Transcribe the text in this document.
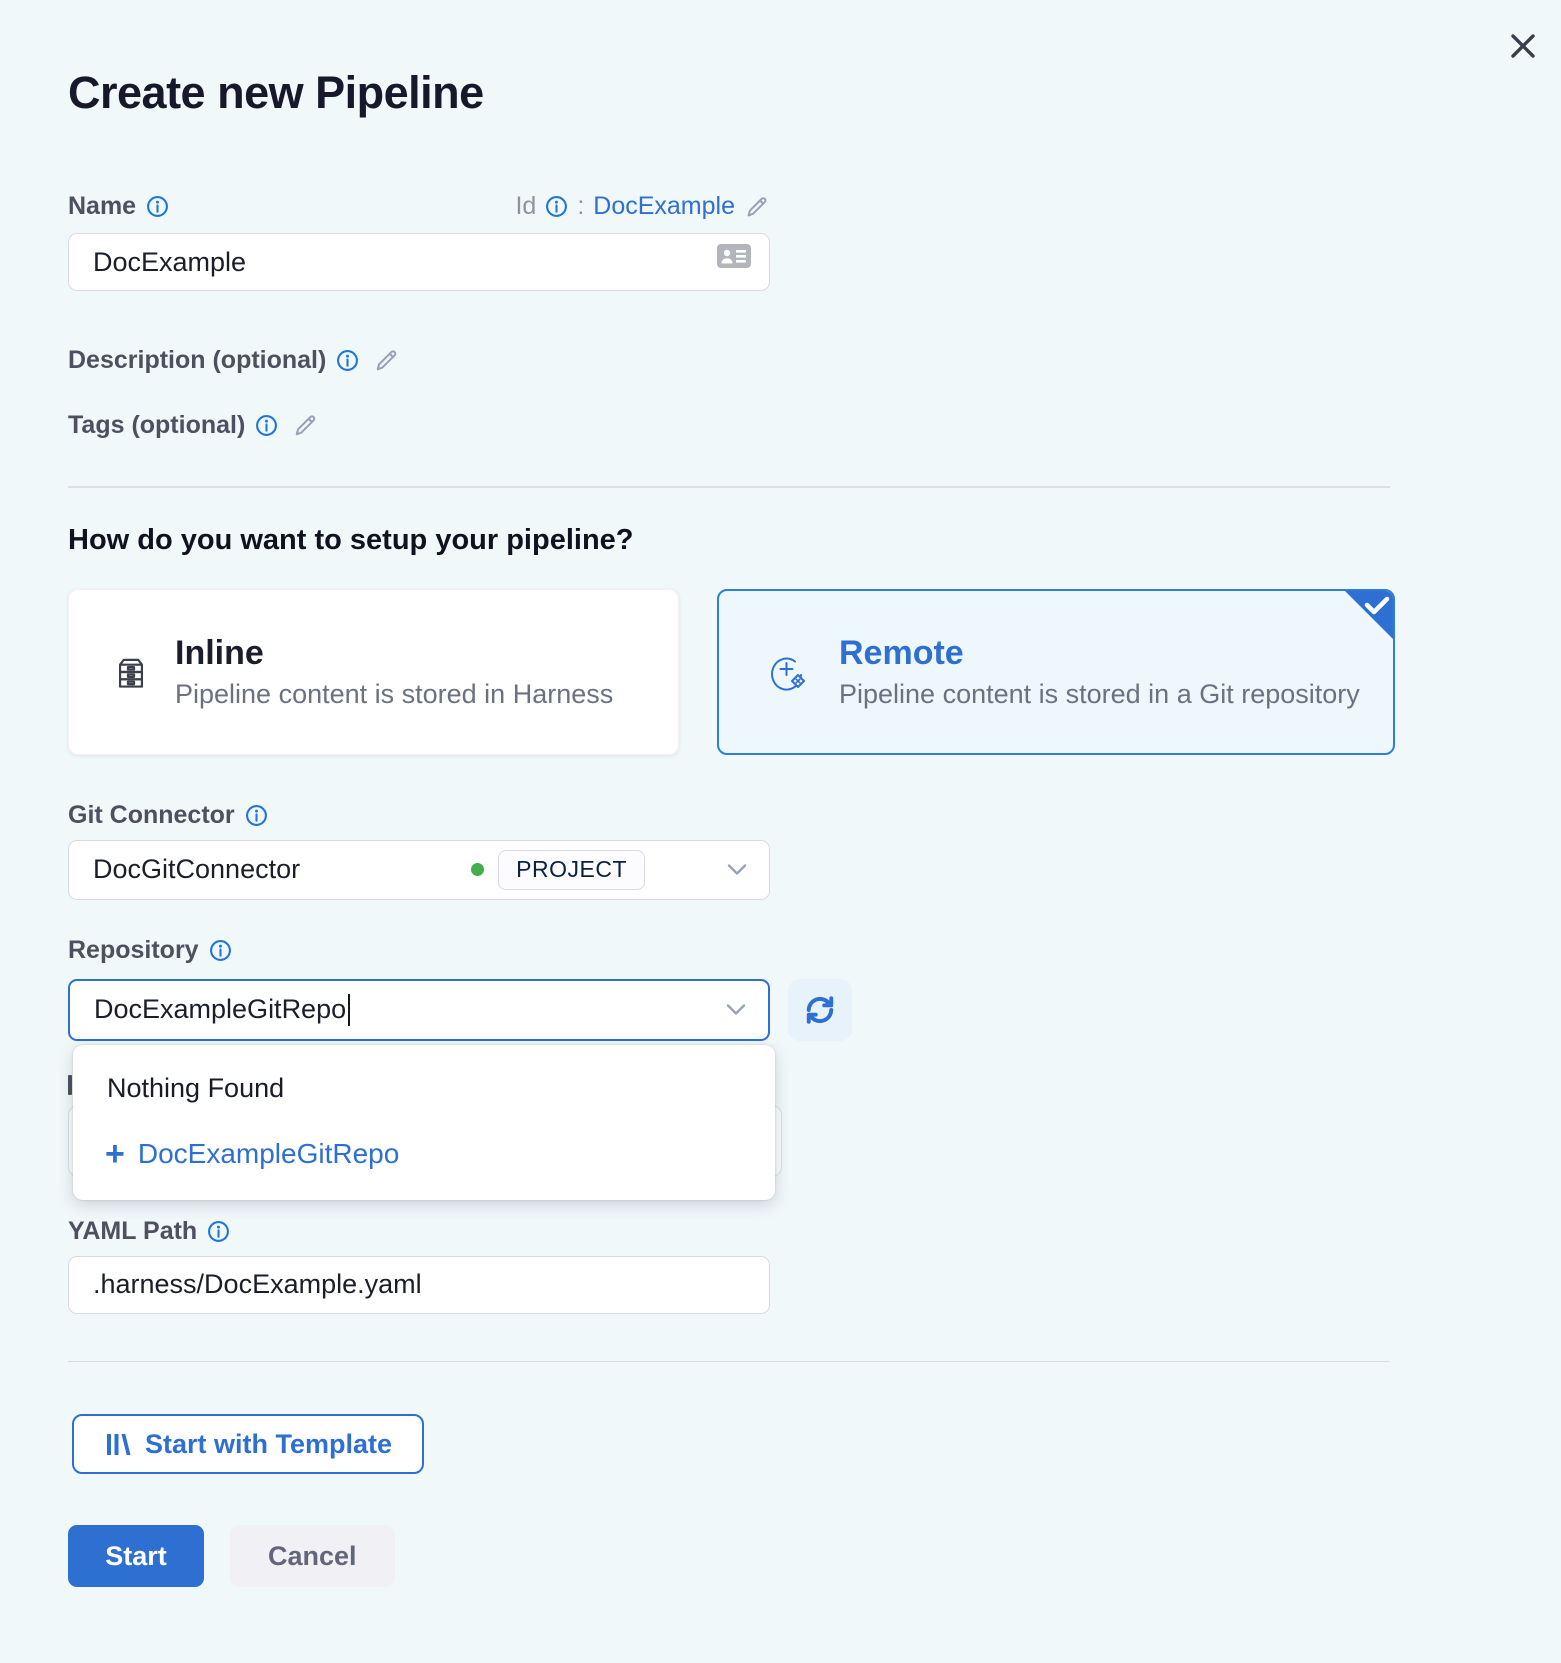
Create new Pipeline
Name	Id : DocExample
DocExample
Description (optional)
Tags (optional)
How do you want to setup your pipeline?
Inline
Pipeline content is stored in Harness
Remote
Pipeline content is stored in a Git repository
Git Connector
DocGitConnector	PROJECT
Repository
DocExampleGitRepo
Nothing Found
+ DocExampleGitRepo
YAML Path
.harness/DocExample.yaml
Start with Template
Start	Cancel
